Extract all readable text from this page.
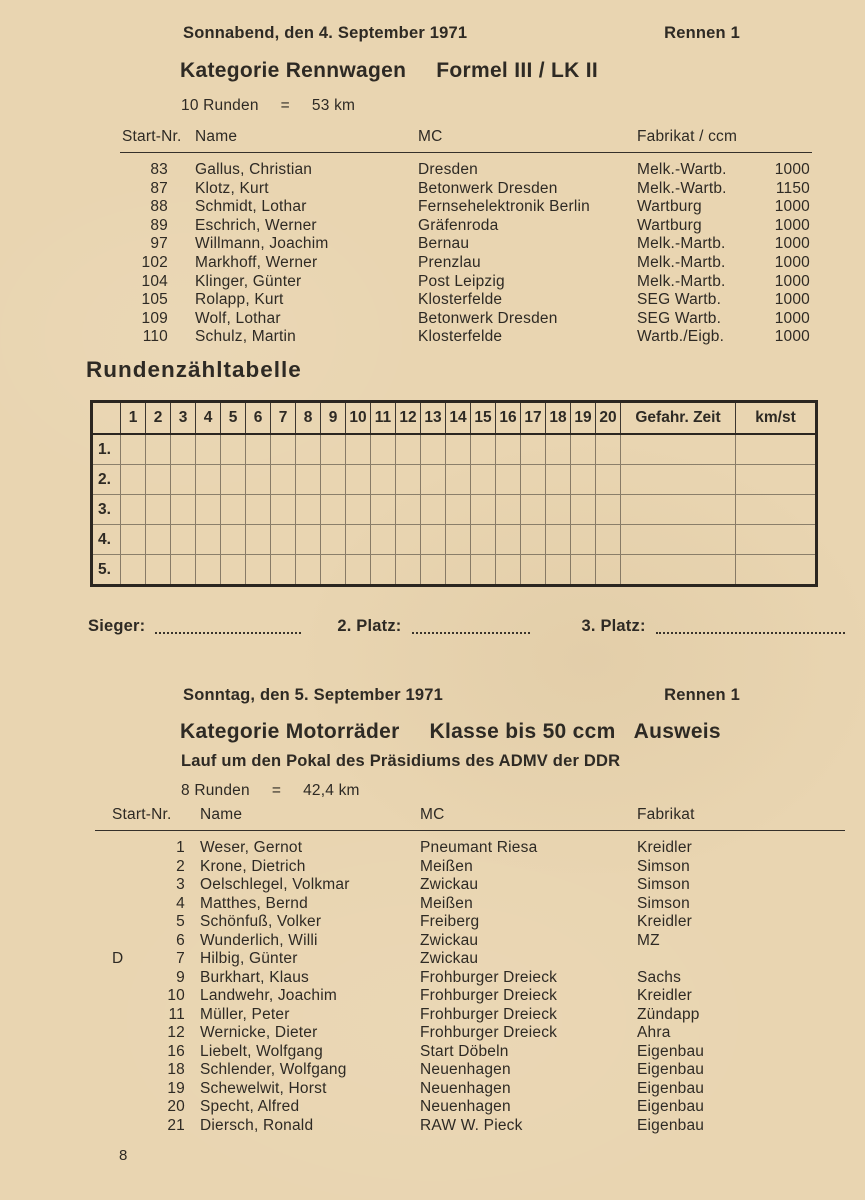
Sonnabend, den 4. September 1971	Rennen 1
Kategorie Rennwagen Formel III / LK II
10 Runden = 53 km
Start-Nr. Name	MC	Fabrikat / ccm
83	Gallus, Christian	Dresden	Melk.-Wartb.	1000
87	Klotz, Kurt	Betonwerk Dresden	Melk.-Wartb.	1150
88	Schmidt, Lothar	Fernsehelektronik Berlin	Wartburg	1000
89	Eschrich, Werner	Gräfenroda	Wartburg	1000
97	Willmann, Joachim	Bernau	Melk.-Martb.	1000
102	Markhoff, Werner	Prenzlau	Melk.-Martb.	1000
104	Klinger, Günter	Post Leipzig	Melk.-Martb.	1000
105	Rolapp, Kurt	Klosterfelde	SEG Wartb.	1000
109	Wolf, Lothar	Betonwerk Dresden	SEG Wartb.	1000
110	Schulz, Martin	Klosterfelde	Wartb./Eigb.	1000
Rundenzähltabelle
1	2	3	4	5	6	7	8	9 10 11 12 13 14 15 16 17 18 19 20	Gefahr. Zeit	km/st
1.
2.
3.
4.
5.
Sieger:	2. Platz:	3. Platz:
Sonntag, den 5. September 1971	Rennen 1
Kategorie Motorräder Klasse bis 50 ccm Ausweis
Lauf um den Pokal des Präsidiums des ADMV der DDR
8 Runden = 42,4 km
Start-Nr.	Name	MC	Fabrikat
1 Weser, Gernot	Pneumant Riesa	Kreidler
2 Krone, Dietrich	Meißen	Simson
3 Oelschlegel, Volkmar	Zwickau	Simson
4 Matthes, Bernd	Meißen	Simson
5 Schönfuß, Volker	Freiberg	Kreidler
6 Wunderlich, Willi	Zwickau	MZ
D	7 Hilbig, Günter	Zwickau
9 Burkhart, Klaus	Frohburger Dreieck	Sachs
10 Landwehr, Joachim	Frohburger Dreieck	Kreidler
11 Müller, Peter	Frohburger Dreieck	Zündapp
12 Wernicke, Dieter	Frohburger Dreieck	Ahra
16 Liebelt, Wolfgang	Start Döbeln	Eigenbau
18 Schlender, Wolfgang	Neuenhagen	Eigenbau
19 Schewelwit, Horst	Neuenhagen	Eigenbau
20 Specht, Alfred	Neuenhagen	Eigenbau
21 Diersch, Ronald	RAW W. Pieck	Eigenbau
8
